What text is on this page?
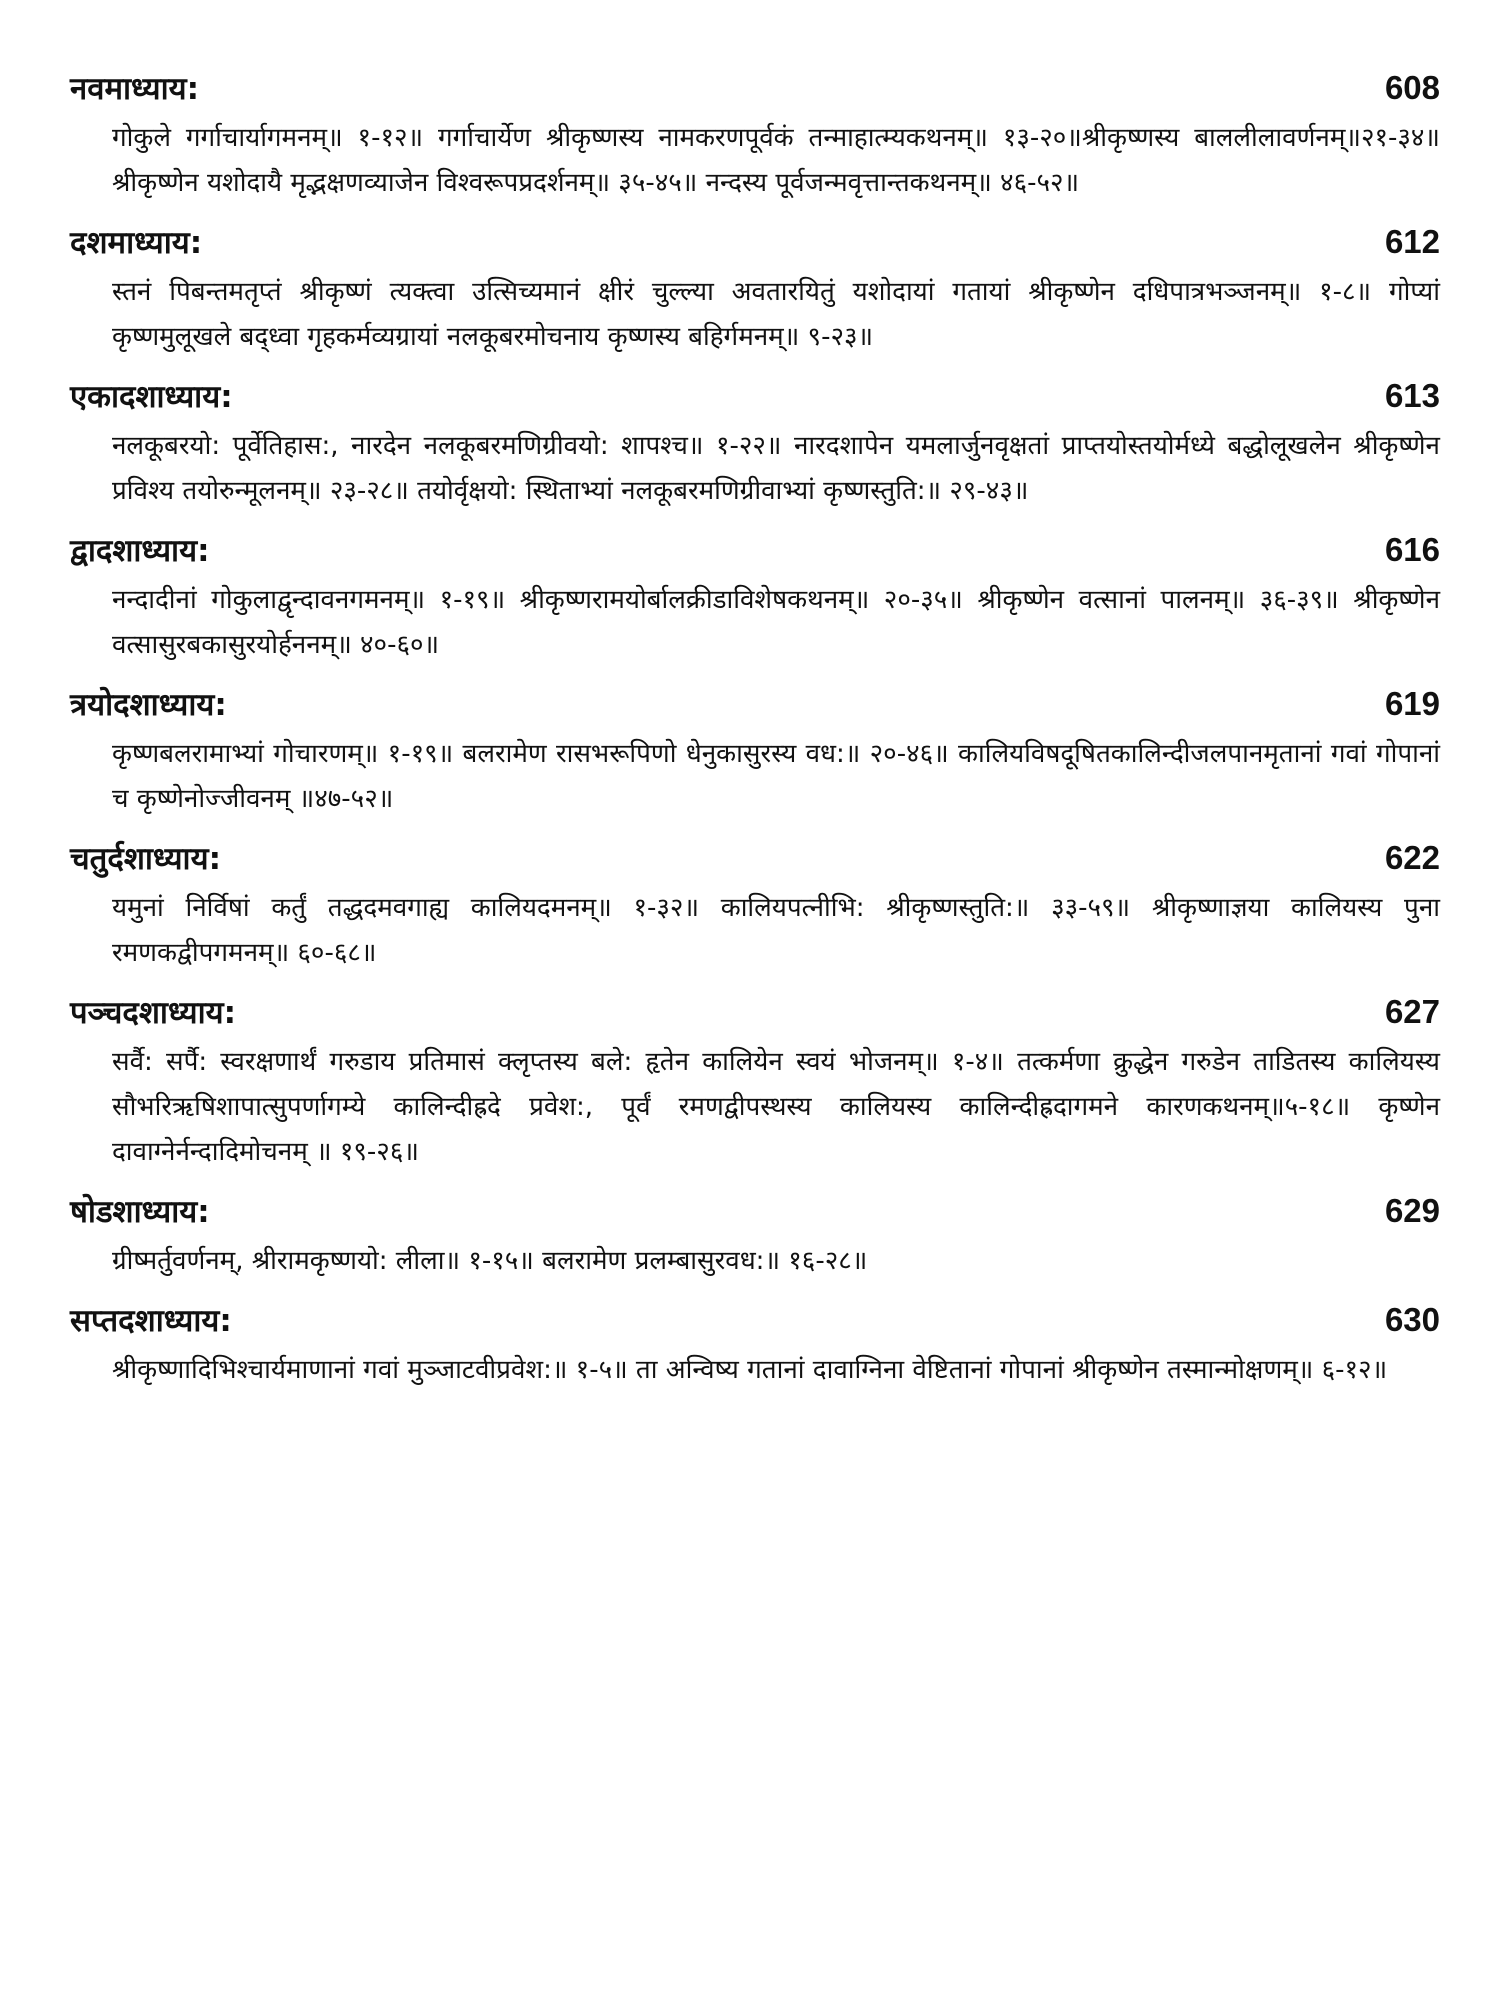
नवमाध्याय:	608

गोकुले गर्गाचार्यागमनम्॥ १-१२॥ गर्गाचार्येण श्रीकृष्णस्य नामकरणपूर्वकं तन्माहात्म्यकथनम्॥ १३-२०॥श्रीकृष्णस्य बाललीलावर्णनम्॥२१-३४॥श्रीकृष्णेन यशोदायै मृद्भक्षणव्याजेन विश्वरूपप्रदर्शनम्॥ ३५-४५॥ नन्दस्य पूर्वजन्मवृत्तान्तकथनम्॥ ४६-५२॥

दशमाध्याय:	612

स्तनं पिबन्तमतृप्तं श्रीकृष्णं त्यक्त्वा उत्सिच्यमानं क्षीरं चुल्ल्या अवतारयितुं यशोदायां गतायां श्रीकृष्णेन दधिपात्रभञ्जनम्॥ १-८॥ गोप्यां कृष्णमुलूखले बद्ध्वा गृहकर्मव्यग्रायां नलकूबरमोचनाय कृष्णस्य बहिर्गमनम्॥ ९-२३॥

एकादशाध्याय:	613

नलकूबरयो: पूर्वेतिहास:, नारदेन नलकूबरमणिग्रीवयो: शापश्च॥ १-२२॥ नारदशापेन यमलार्जुनवृक्षतां प्राप्तयोस्तयोर्मध्ये बद्धोलूखलेन श्रीकृष्णेन प्रविश्य तयोरुन्मूलनम्॥ २३-२८॥ तयोर्वृक्षयो: स्थिताभ्यां नलकूबरमणिग्रीवाभ्यां कृष्णस्तुति:॥ २९-४३॥

द्वादशाध्याय:	616

नन्दादीनां गोकुलाद्वृन्दावनगमनम्॥ १-१९॥ श्रीकृष्णरामयोर्बालक्रीडाविशेषकथनम्॥ २०-३५॥ श्रीकृष्णेन वत्सानां पालनम्॥ ३६-३९॥ श्रीकृष्णेन वत्सासुरबकासुरयोर्हननम्॥ ४०-६०॥

त्रयोदशाध्याय:	619

कृष्णबलरामाभ्यां गोचारणम्॥ १-१९॥ बलरामेण रासभरूपिणो धेनुकासुरस्य वध:॥ २०-४६॥ कालियविषदूषितकालिन्दीजलपानमृतानां गवां गोपानां च कृष्णेनोज्जीवनम् ॥४७-५२॥

चतुर्दशाध्याय:	622

यमुनां निर्विषां कर्तुं तद्धदमवगाह्य कालियदमनम्॥ १-३२॥ कालियपत्नीभि: श्रीकृष्णस्तुति:॥ ३३-५९॥ श्रीकृष्णाज्ञया कालियस्य पुना रमणकद्वीपगमनम्॥ ६०-६८॥

पञ्चदशाध्याय:	627

सर्वै: सर्पै: स्वरक्षणार्थं गरुडाय प्रतिमासं क्लृप्तस्य बले: हृतेन कालियेन स्वयं भोजनम्॥ १-४॥ तत्कर्मणा क्रुद्धेन गरुडेन ताडितस्य कालियस्य सौभरिऋषिशापात्सुपर्णागम्ये कालिन्दीह्रदे प्रवेश:, पूर्वं रमणद्वीपस्थस्य कालियस्य कालिन्दीह्रदागमने कारणकथनम्॥५-१८॥ कृष्णेन दावाग्नेर्नन्दादिमोचनम् ॥ १९-२६॥

षोडशाध्याय:	629

ग्रीष्मर्तुवर्णनम्, श्रीरामकृष्णयो: लीला॥ १-१५॥ बलरामेण प्रलम्बासुरवध:॥ १६-२८॥

सप्तदशाध्याय:	630

श्रीकृष्णादिभिश्चार्यमाणानां गवां मुञ्जाटवीप्रवेश:॥ १-५॥ ता अन्विष्य गतानां दावाग्निना वेष्टितानां गोपानां श्रीकृष्णेन तस्मान्मोक्षणम्॥ ६-१२॥
